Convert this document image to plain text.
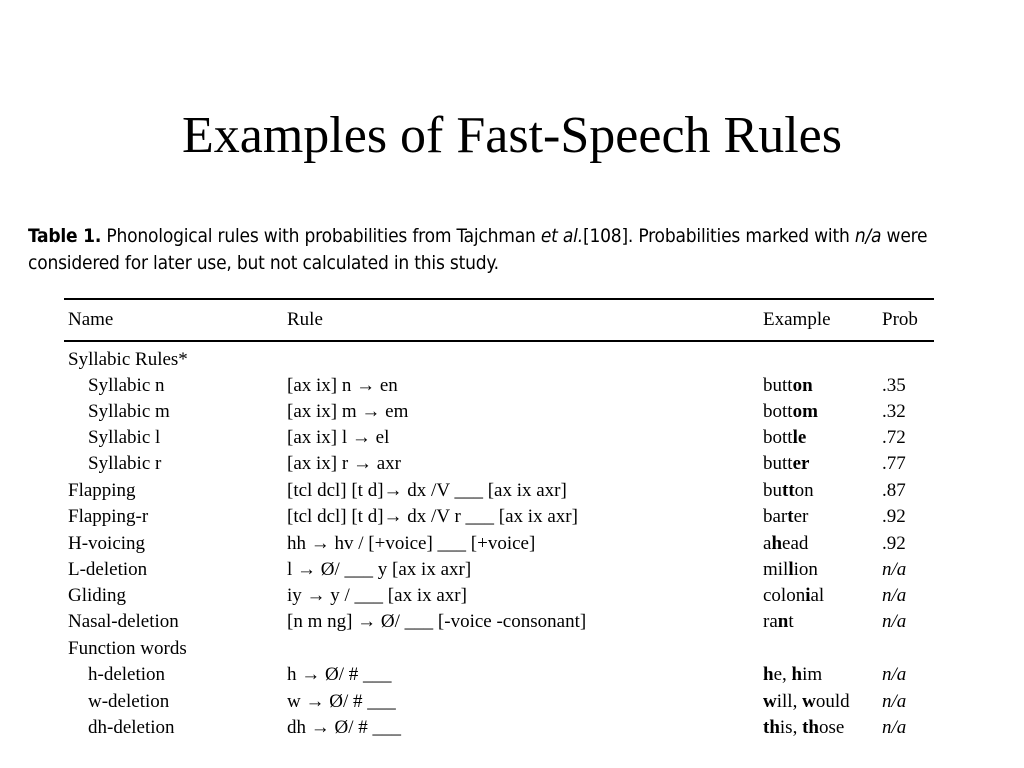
Examples of Fast-Speech Rules
Table 1. Phonological rules with probabilities from Tajchman et al.[108]. Probabilities marked with n/a were considered for later use, but not calculated in this study.
Name	Rule	Example	Prob
Syllabic Rules*
Syllabic n	[ax ix] n → en	button	.35
Syllabic m	[ax ix] m → em	bottom	.32
Syllabic l	[ax ix] l → el	bottle	.72
Syllabic r	[ax ix] r → axr	butter	.77
Flapping	[tcl dcl] [t d]→ dx /V ___ [ax ix axr]	button	.87
Flapping-r	[tcl dcl] [t d]→ dx /V r ___ [ax ix axr]	barter	.92
H-voicing	hh → hv / [+voice] ___ [+voice]	ahead	.92
L-deletion	l → Ø/ ___ y [ax ix axr]	million	n/a
Gliding	iy → y / ___ [ax ix axr]	colonial	n/a
Nasal-deletion	[n m ng] → Ø/ ___ [-voice -consonant]	rant	n/a
Function words
h-deletion	h → Ø/ # ___	he, him	n/a
w-deletion	w → Ø/ # ___	will, would n/a
dh-deletion	dh → Ø/ # ___	this, those n/a
